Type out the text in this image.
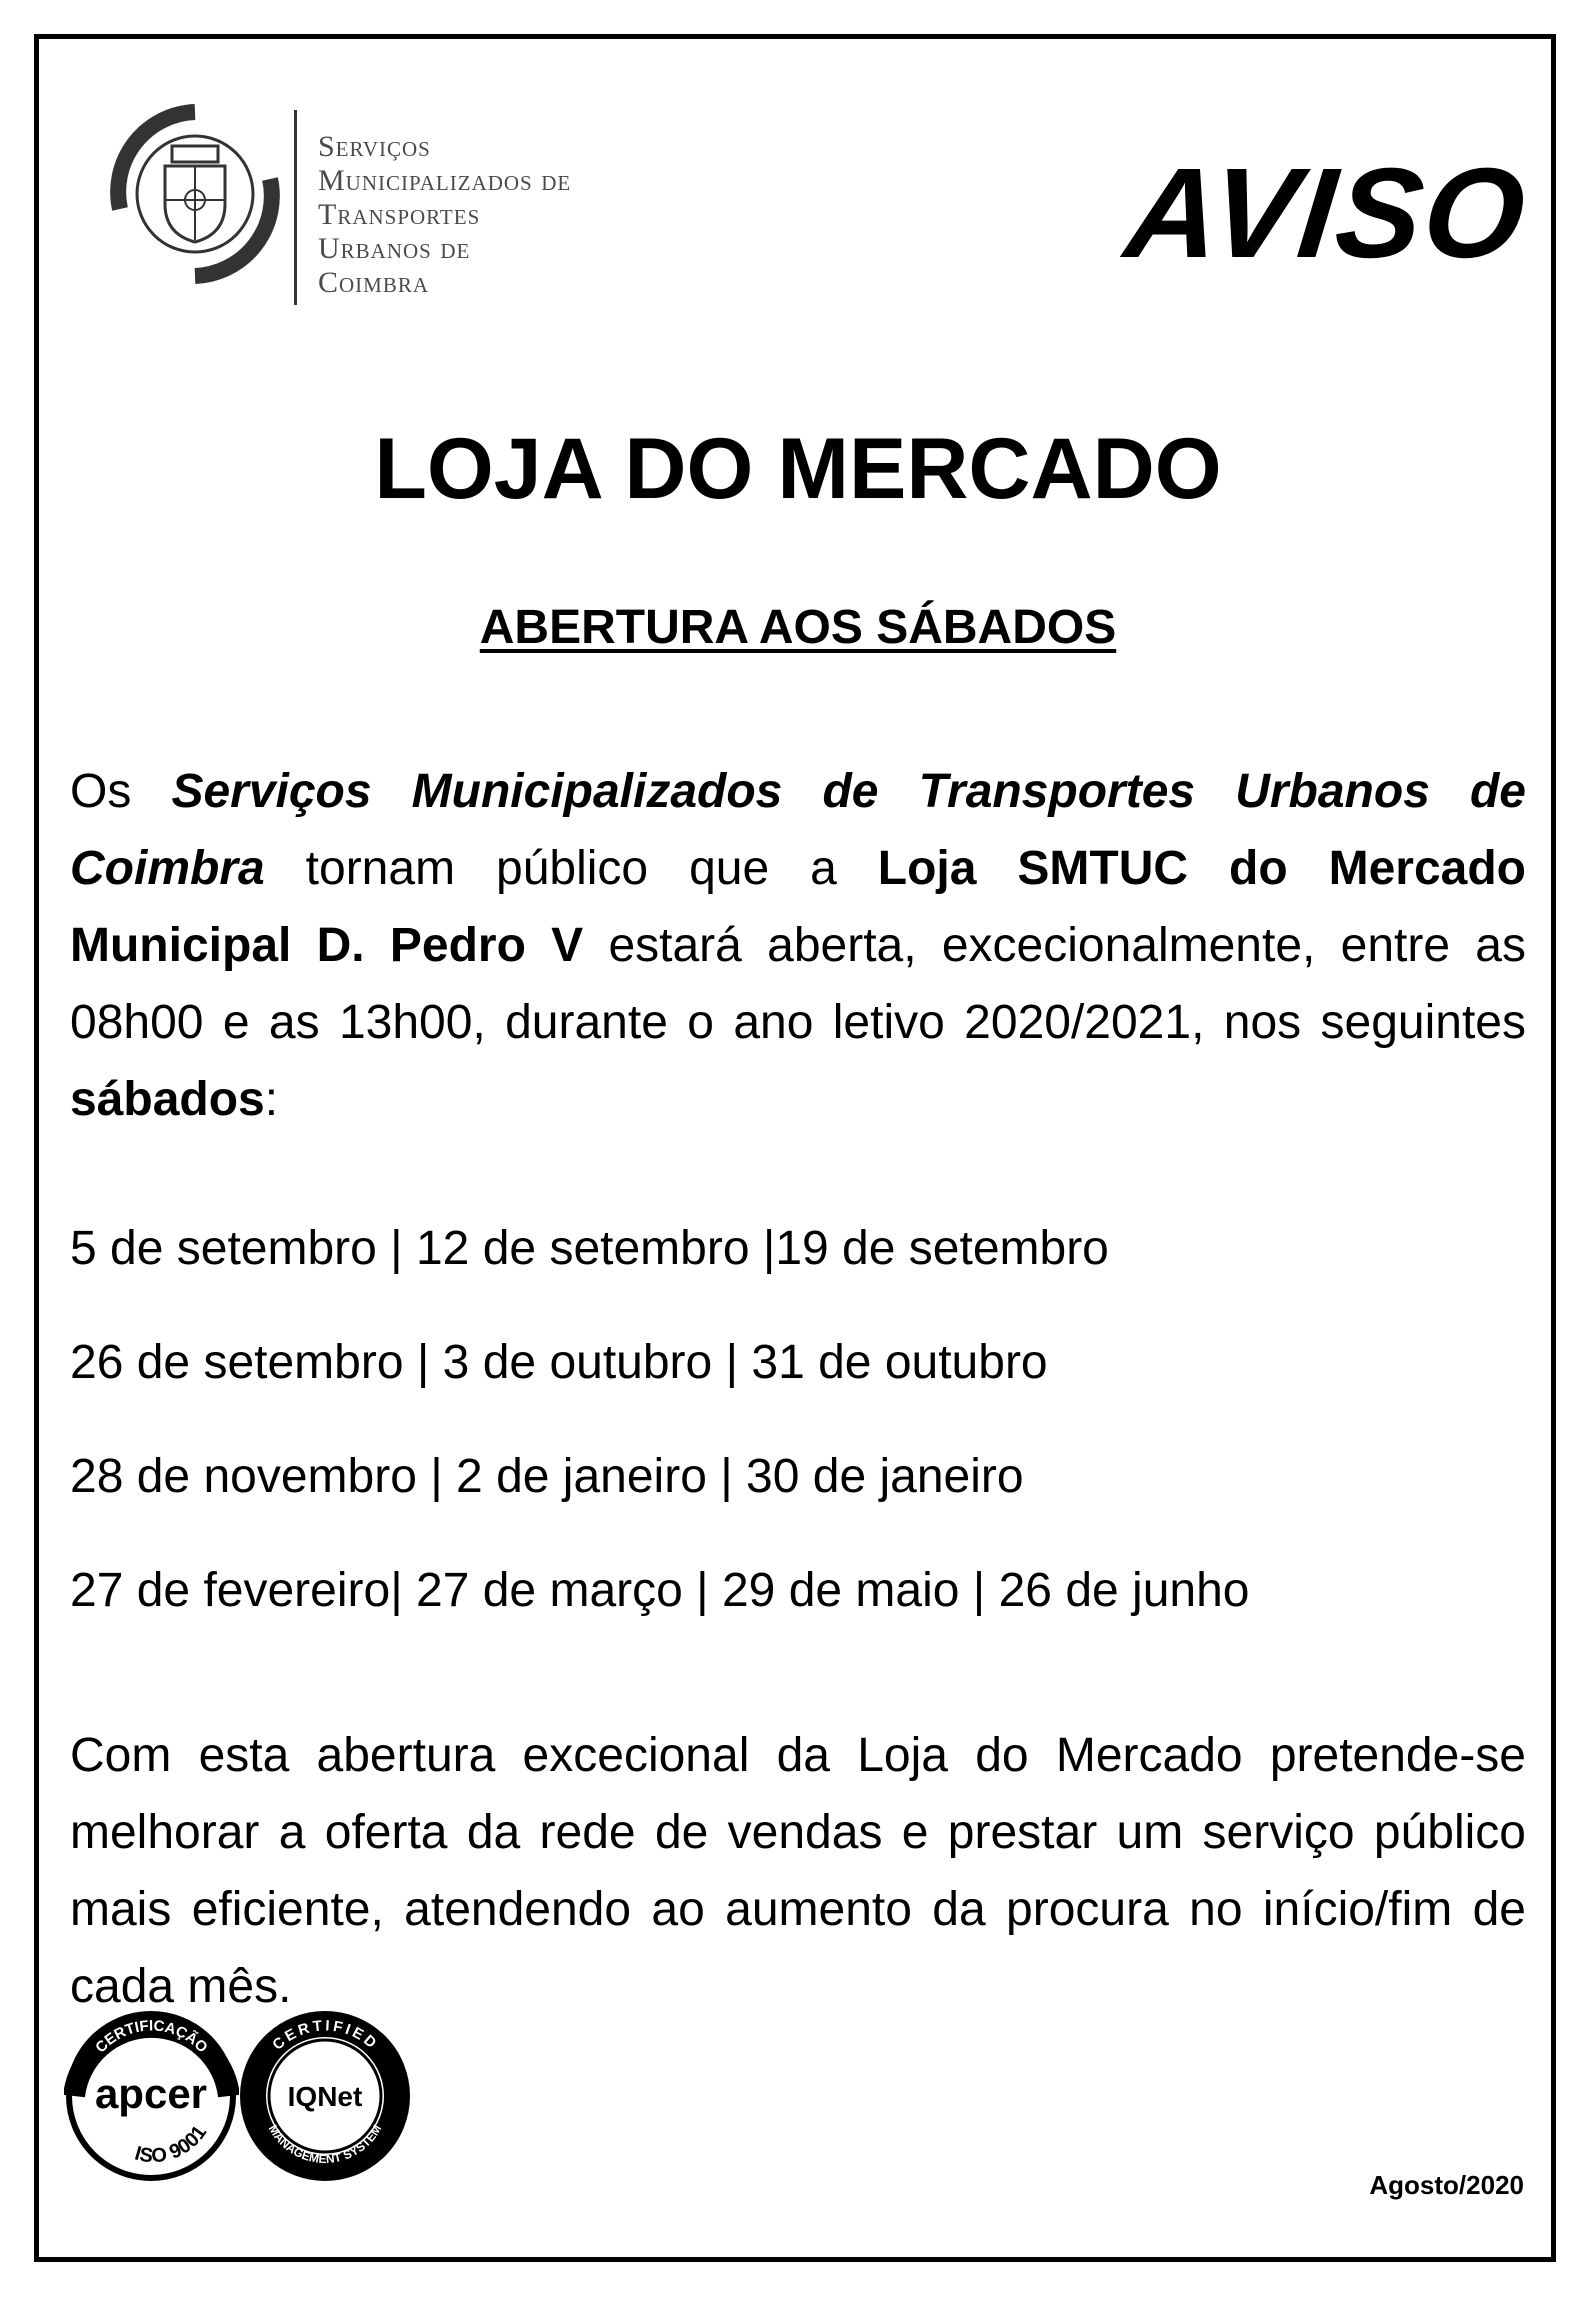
Serviços
Municipalizados de
Transportes
Urbanos de
Coimbra	AVISO
LOJA DO MERCADO
ABERTURA AOS SÁBADOS
Os Serviços Municipalizados de Transportes Urbanos de Coimbra tornam público que a Loja SMTUC do Mercado Municipal D. Pedro V estará aberta, excecionalmente, entre as 08h00 e as 13h00, durante o ano letivo 2020/2021, nos seguintes sábados:
5 de setembro | 12 de setembro |19 de setembro
26 de setembro | 3 de outubro | 31 de outubro
28 de novembro | 2 de janeiro | 30 de janeiro
27 de fevereiro| 27 de março | 29 de maio | 26 de junho
Com esta abertura excecional da Loja do Mercado pretende-se melhorar a oferta da rede de vendas e prestar um serviço público mais eficiente, atendendo ao aumento da procura no início/fim de cada mês.
CERTIFICAÇÃO
apcer
ISO 9001
CERTIFIED
IQNet
MANAGEMENT SYSTEM
Agosto/2020
